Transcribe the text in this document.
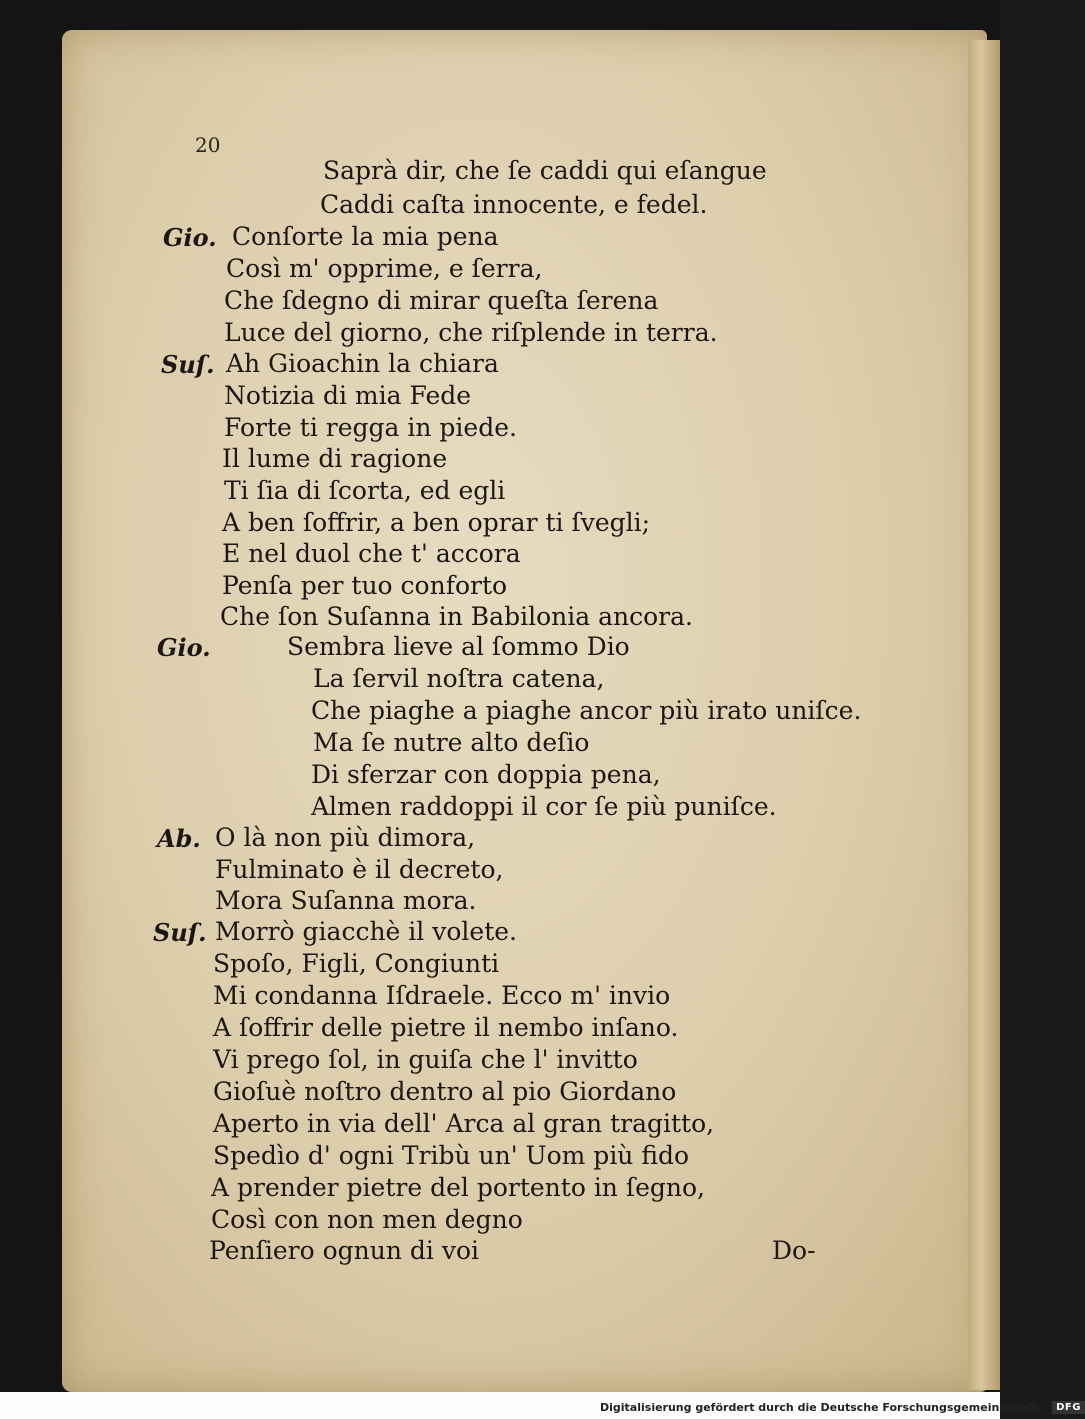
20
Saprà dir, che ſe caddi qui eſangue
Caddi caſta innocente, e fedel.
Gio. Conſorte la mia pena
Così m' opprime, e ſerra,
Che ſdegno di mirar queſta ſerena
Luce del giorno, che riſplende in terra.
Suſ. Ah Gioachin la chiara
Notizia di mia Fede
Forte ti regga in piede.
Il lume di ragione
Ti ſia di ſcorta, ed egli
A ben ſoffrir, a ben oprar ti ſvegli;
E nel duol che t' accora
Penſa per tuo conforto
Che ſon Suſanna in Babilonia ancora.
Gio.	Sembra lieve al ſommo Dio
La ſervil noſtra catena,
Che piaghe a piaghe ancor più irato uniſce.
Ma ſe nutre alto deſio
Di sferzar con doppia pena,
Almen raddoppi il cor ſe più puniſce.
Ab. O là non più dimora,
Fulminato è il decreto,
Mora Suſanna mora.
Suſ. Morrò giacchè il volete.
Spoſo, Figli, Congiunti
Mi condanna Iſdraele. Ecco m' invio
A ſoffrir delle pietre il nembo inſano.
Vi prego ſol, in guiſa che l' invitto
Gioſuè noſtro dentro al pio Giordano
Aperto in via dell' Arca al gran tragitto,
Spedìo d' ogni Tribù un' Uom più fido
A prender pietre del portento in ſegno,
Così con non men degno
Penſiero ognun di voi	Do-
Digitalisierung gefördert durch die Deutsche Forschungsgemeinschaft -	DFG
